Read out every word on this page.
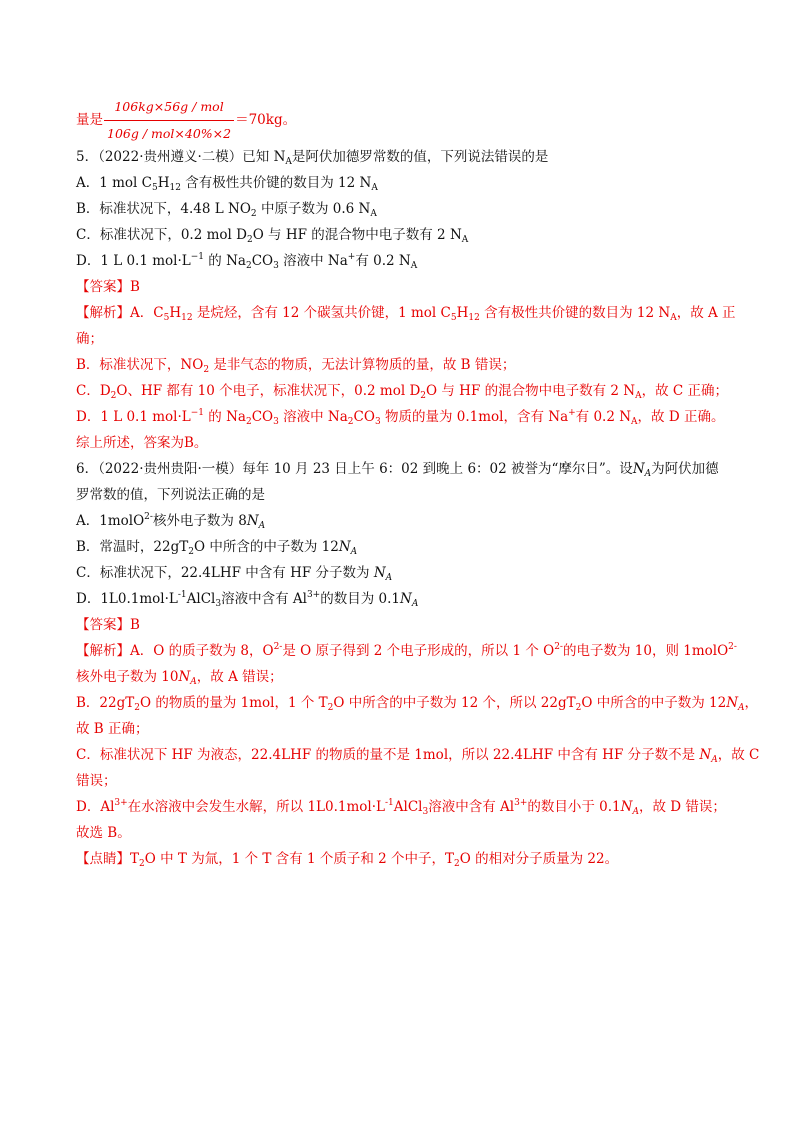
量是 $\frac{\text{106kg×56g / mol}}{\text{106g / mol×40\%×2}} =70kg$。
5．（2022·贵州遵义·二模）已知 $N_A$是阿伏加德罗常数的值，下列说法错误的是
A．1 mol $C_5H_{12}$ 含有极性共价键的数目为 12 $N_A$
B．标准状况下，4.48 L $NO_2$ 中原子数为 0.6 $N_A$
C．标准状况下，0.2 mol $D_2O$ 与 HF 的混合物中电子数有 2 $N_A$
D．1 L 0.1 $mol\cdot L^{-1}$ 的 $Na_2CO_3$ 溶液中 Na+有 0.2 $N_A$
【答案】B
【解析】A．$C_5H_{12}$ 是烷烃，含有 12 个碳氢共价键，1 mol $C_5H_{12}$ 含有极性共价键的数目为 12 $N_A$，故 A 正
确；
B．标准状况下，$NO_2$ 是非气态的物质，无法计算物质的量，故 B 错误；
C．$D_2O$、HF 都有 10 个电子，标准状况下，0.2 mol $D_2O$ 与 HF 的混合物中电子数有 2 $N_A$，故 C 正确；
D．1 L 0.1 $mol\cdot L^{-1}$ 的 $Na_2CO_3$ 溶液中 $Na_2CO_3$ 物质的量为 0.1mol，含有 Na+有 0.2 $N_A$，故 D 正确。
综上所述，答案为B。
6．（2022·贵州贵阳·一模）每年 10 月 23 日上午 6：02 到晚上 6：02 被誉为“摩尔日”。设$N_A$为阿伏加德
罗常数的值，下列说法正确的是
A．1molO$^{2-}$核外电子数为 $8N_A$
B．常温时，$22gT_2O$ 中所含的中子数为 $12N_A$
C．标准状况下，22.4LHF 中含有 HF 分子数为 $N_A$
D．$1L0.1mol\cdot L^{-1}AlCl_3$溶液中含有 $Al^{3+}$的数目为 $0.1N_A$
【答案】B
【解析】A．O 的质子数为 8，$O^{2-}$是 O 原子得到 2 个电子形成的，所以 1 个 $O^{2-}$的电子数为 10，则 1molO$^{2-}$
核外电子数为 $10N_A$，故 A 错误；
B．$22gT_2O$ 的物质的量为 1mol，1 个 $T_2O$ 中所含的中子数为 12 个，所以 $22gT_2O$ 中所含的中子数为 $12N_A$，
故 B 正确；
C．标准状况下 HF 为液态，22.4LHF 的物质的量不是 1mol，所以 22.4LHF 中含有 HF 分子数不是 $N_A$，故 C
错误；
D．$Al^{3+}$在水溶液中会发生水解，所以 $1L0.1mol\cdot L^{-1}AlCl_3$溶液中含有 $Al^{3+}$的数目小于 $0.1N_A$，故 D 错误；
故选 B。
【点睛】$T_2O$ 中 T 为氚，1 个 T 含有 1 个质子和 2 个中子，$T_2O$ 的相对分子质量为 22。
